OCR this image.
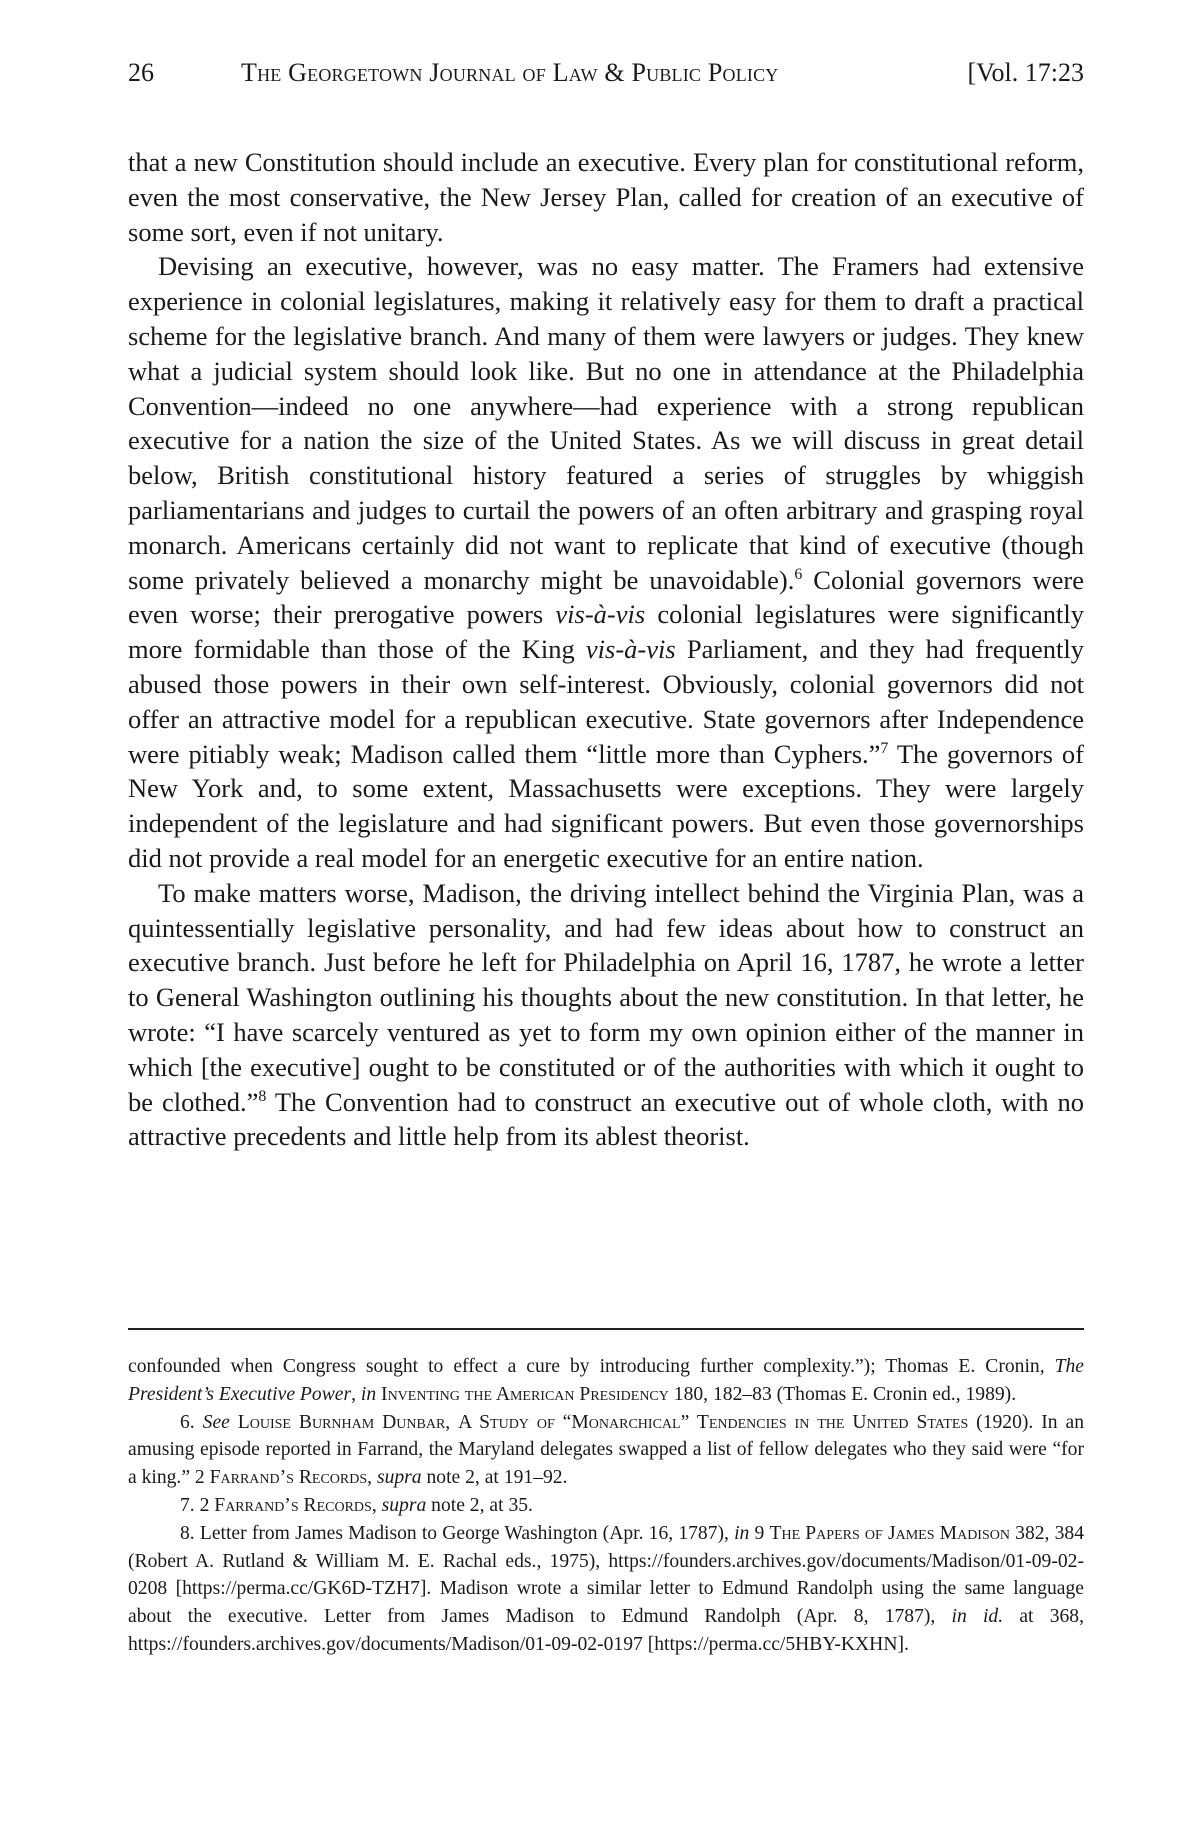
26	The Georgetown Journal of Law & Public Policy	[Vol. 17:23

that a new Constitution should include an executive. Every plan for constitutional reform, even the most conservative, the New Jersey Plan, called for creation of an executive of some sort, even if not unitary.

Devising an executive, however, was no easy matter. The Framers had extensive experience in colonial legislatures, making it relatively easy for them to draft a practical scheme for the legislative branch. And many of them were lawyers or judges. They knew what a judicial system should look like. But no one in attendance at the Philadelphia Convention—indeed no one anywhere—had experience with a strong republican executive for a nation the size of the United States. As we will discuss in great detail below, British constitutional history featured a series of struggles by whiggish parliamentarians and judges to curtail the powers of an often arbitrary and grasping royal monarch. Americans certainly did not want to replicate that kind of executive (though some privately believed a monarchy might be unavoidable).$^6$ Colonial governors were even worse; their prerogative powers vis-à-vis colonial legislatures were significantly more formidable than those of the King vis-à-vis Parliament, and they had frequently abused those powers in their own self-interest. Obviously, colonial governors did not offer an attractive model for a republican executive. State governors after Independence were pitiably weak; Madison called them “little more than Cyphers.”$^7$ The governors of New York and, to some extent, Massachusetts were exceptions. They were largely independent of the legislature and had significant powers. But even those governorships did not provide a real model for an energetic executive for an entire nation.

To make matters worse, Madison, the driving intellect behind the Virginia Plan, was a quintessentially legislative personality, and had few ideas about how to construct an executive branch. Just before he left for Philadelphia on April 16, 1787, he wrote a letter to General Washington outlining his thoughts about the new constitution. In that letter, he wrote: “I have scarcely ventured as yet to form my own opinion either of the manner in which [the executive] ought to be constituted or of the authorities with which it ought to be clothed.”$^8$ The Convention had to construct an executive out of whole cloth, with no attractive precedents and little help from its ablest theorist.

confounded when Congress sought to effect a cure by introducing further complexity.”); Thomas E. Cronin, The President’s Executive Power, in Inventing the American Presidency 180, 182–83 (Thomas E. Cronin ed., 1989).

6. See Louise Burnham Dunbar, A Study of “Monarchical” Tendencies in the United States (1920). In an amusing episode reported in Farrand, the Maryland delegates swapped a list of fellow delegates who they said were “for a king.” 2 Farrand’s Records, supra note 2, at 191–92.

7. 2 Farrand’s Records, supra note 2, at 35.

8. Letter from James Madison to George Washington (Apr. 16, 1787), in 9 The Papers of James Madison 382, 384 (Robert A. Rutland & William M. E. Rachal eds., 1975), https://founders.archives.gov/documents/Madison/01-09-02-0208 [https://perma.cc/GK6D-TZH7]. Madison wrote a similar letter to Edmund Randolph using the same language about the executive. Letter from James Madison to Edmund Randolph (Apr. 8, 1787), in id. at 368, https://founders.archives.gov/documents/Madison/01-09-02-0197 [https://perma.cc/5HBY-KXHN].
